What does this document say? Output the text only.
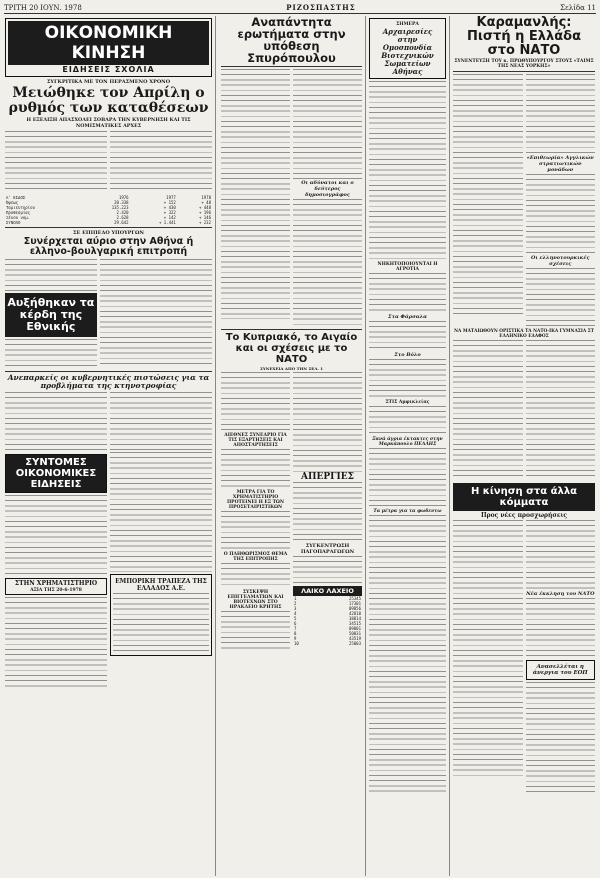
ΤΡΙΤΗ 20 ΙΟΥΝ. 1978	ΡΙΖΟΣΠΑΣΤΗΣ	Σελίδα 11
ΟΙΚΟΝΟΜΙΚΗ ΚΙΝΗΣΗ
ΕΙΔΗΣΕΙΣ ΣΧΟΛΙΑ
ΣΥΓΚΡΙΤΙΚΑ ΜΕ ΤΟΝ ΠΕΡΑΣΜΕΝΟ ΧΡΟΝΟ
Μειώθηκε τον Απρίλη ο ρυθμός των καταθέσεων
Η ΕΞΕΛΙΞΗ ΑΠΑΣΧΟΛΕΙ ΣΟΒΑΡΑ ΤΗΝ ΚΥΒΕΡΝΗΣΗ ΚΑΙ ΤΙΣ ΝΟΜΙΣΜΑΤΙΚΕΣ ΑΡΧΕΣ
Α' ΕΙΔΟΣ	1976	1977	1978
Όψεως	20.338	+ 152	+ 48
Ταμιευτηρίου	135.223	+ 430	+ 448
Προθεσμίας	2.420	+ 322	+ 196
Ξένου νομ.	2.628	+ 142	+ 146
ΣΥΝΟΛΟ	29.642	+ 1.441	+ 232
ΣΕ ΕΠΙΠΕΔΟ ΥΠΟΥΡΓΩΝ
Συνέρχεται αύριο στην Αθήνα ή ελληνο-βουλγαρική επιτροπή
Αυξήθηκαν τα κέρδη της Εθνικής
Ανεπαρκείς οι κυβερνητικές πιστώσεις για τα προβλήματα της κτηνοτροφίας
ΣΥΝΤΟΜΕΣ ΟΙΚΟΝΟΜΙΚΕΣ ΕΙΔΗΣΕΙΣ
ΣΤΗΝ ΧΡΗΜΑΤΙΣΤΗΡΙΟ
ΑΞΙΑ ΤΗΣ 20-6-1978
ΕΜΠΟΡΙΚΗ ΤΡΑΠΕΖΑ ΤΗΣ ΕΛΛΑΔΟΣ Α.Ε.
Αναπάντητα ερωτήματα στην υπόθεση Σπυρόπουλου
Οι αδύνατοι και ο δεύτερος δημοσιογράφος
Το Κυπριακό, το Αιγαίο και οι σχέσεις με το ΝΑΤΟ
ΣΥΝΕΧΕΙΑ ΑΠΟ ΤΗΝ ΣΕΛ. 1
ΔΙΕΘΝΕΣ ΣΥΝΕΔΡΙΟ ΓΙΑ ΤΙΣ ΕΞΑΡΤΗΣΕΙΣ ΚΑΙ ΑΠΟΣΤΑΡΤΗΣΕΙΣ
ΜΕΤΡΑ ΓΙΑ ΤΟ ΧΡΗΜΑΤΙΣΤΗΡΙΟ ΠΡΟΤΕΙΝΕΙ Η ΕΞ ΤΩΝ ΠΡΟΣΕΤΑΙΡΙΣΤΙΚΩΝ
Ο ΠΛΗΘΩΡΙΣΜΟΣ ΘΕΜΑ ΤΗΣ ΕΠΙΤΡΟΠΗΣ
ΣΥΣΚΕΨΗ ΕΠΙΓΓΕΛΜΑΤΙΩΝ ΚΑΙ ΒΙΟΤΕΧΝΩΝ ΣΤΟ ΗΡΑΚΛΕΙΟ ΚΡΗΤΗΣ
ΑΠΕΡΓΙΕΣ
ΣΥΓΚΕΝΤΡΩΣΗ ΠΑΓΟΠΑΡΑΓΩΓΩΝ
ΛΑΙΚΟ ΛΑΧΕΙΟ
1	25345
2	17301
3	09856
4	42810
5	38814
6	34515
7	09801
8	50031
9	43519
10	25003
ΣΗΜΕΡΑ
Αρχαιρεσίες στην Ομοσπονδία Βιοτεχνικών Σωματείων Αθήνας
ΝΗΚΗΤΟΠΟΙΟΥΝΤΑΙ Η ΑΓΡΟΤΙΑ
Στα Φάρσαλα
Στο Βόλο
ΣΤΙΣ Αμφικλείας
Ξανά άγρια έκτακτες στην Μαρκάπουλο ΠΕΛΛΗΣ
Τα μέτρα για τα φωδεντω
Καραμανλής: Πιστή η Ελλάδα στο ΝΑΤΟ
ΣΥΝΕΝΤΕΥΞΗ ΤΟΥ κ. ΠΡΩΘΥΠΟΥΡΓΟΥ ΣΤΟΥΣ «ΤΑΙΜΣ ΤΗΣ ΝΕΑΣ ΥΟΡΚΗΣ»
«Επιθεωρία» Αγγλικών στρατιωτικών μονάδων
Οι ελληνοτουρκικές σχέσεις
ΝΑ ΜΑΤΑΙΩΘΟΥΝ ΟΡΙΣΤΙΚΑ ΤΑ ΝΑΤΟ-ΙΚΑ ΓΥΜΝΑΣΙΑ ΣΤ ΕΛΛΗΝΙΚΟ ΕΔΑΦΟΣ
Η κίνηση στα άλλα κόμματα
Προς νέες προσχωρήσεις
Νέα έκκληση του ΝΑΤΟ
Ανασελλέται η άνεργια του ΕΟΠ
